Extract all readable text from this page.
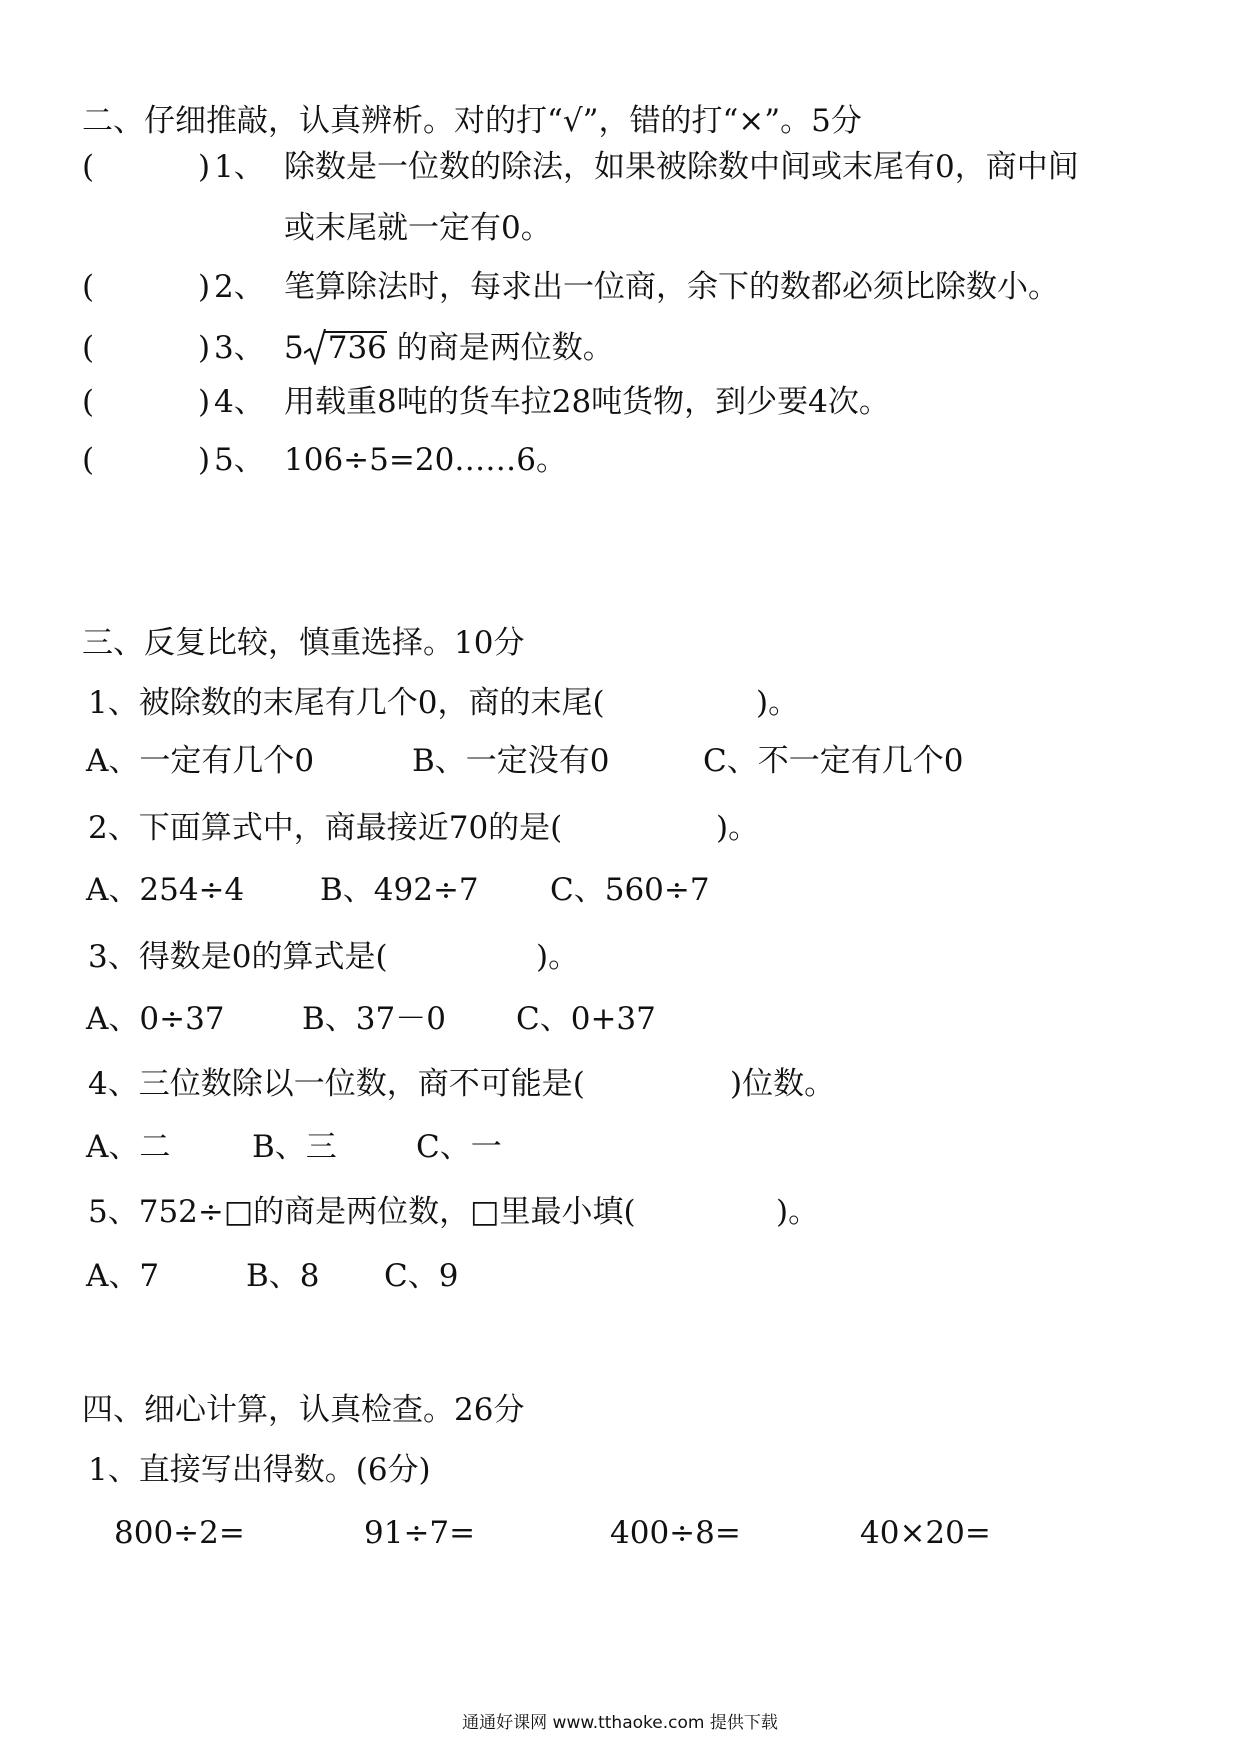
二、仔细推敲，认真辨析。对的打“√”，错的打“×”。5分
(	) 1、 除数是一位数的除法，如果被除数中间或末尾有0，商中间
或末尾就一定有0。
(	) 2、 笔算除法时，每求出一位商，余下的数都必须比除数小。
(	) 3、 5 736 的商是两位数。
(	) 4、 用载重8吨的货车拉28吨货物，到少要4次。
(	) 5、 106÷5=20……6。
三、反复比较，慎重选择。10分
1、被除数的末尾有几个0，商的末尾(	)。
A、一定有几个0	B、一定没有0	C、不一定有几个0
2、下面算式中，商最接近70的是(	)。
A、254÷4 B、492÷7 C、560÷7
3、得数是0的算式是(	)。
A、0÷37 B、37－0 C、0+37
4、三位数除以一位数，商不可能是(	)位数。
A、二	B、三	C、一
5、752÷□的商是两位数，□里最小填(	)。
A、7	B、8 C、9
四、细心计算，认真检查。26分
1、直接写出得数。(6分)
800÷2=	91÷7=	400÷8=	40×20=
通通好课网 www.tthaoke.com 提供下载
